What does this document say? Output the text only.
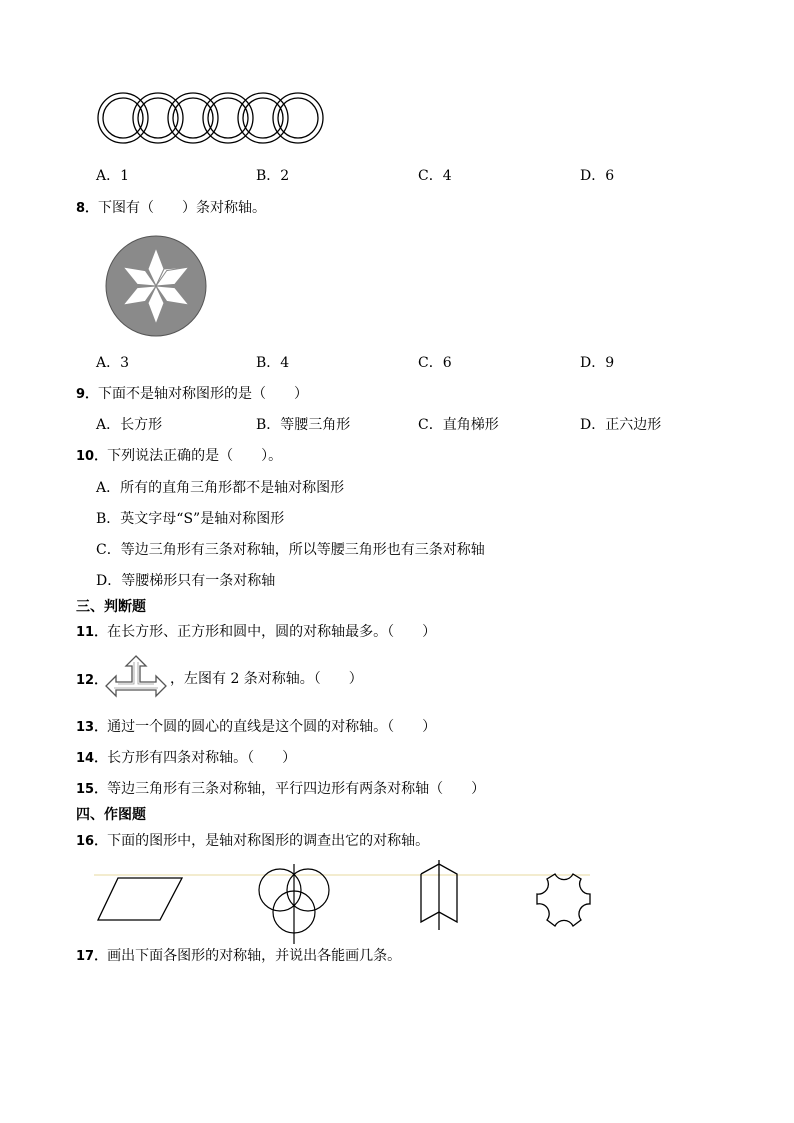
A．1	B．2	C．4	D．6
8．下图有（　　）条对称轴。
A．3	B．4	C．6	D．9
9．下面不是轴对称图形的是（　　）
A．长方形	B．等腰三角形	C．直角梯形	D．正六边形
10．下列说法正确的是（　　）。
A．所有的直角三角形都不是轴对称图形
B．英文字母“S”是轴对称图形
C．等边三角形有三条对称轴，所以等腰三角形也有三条对称轴
D．等腰梯形只有一条对称轴
三、判断题
11．在长方形、正方形和圆中，圆的对称轴最多。（　　）
12．	，左图有 2 条对称轴。（　　）
13．通过一个圆的圆心的直线是这个圆的对称轴。（　　）
14．长方形有四条对称轴。（　　）
15．等边三角形有三条对称轴，平行四边形有两条对称轴（　　）
四、作图题
16．下面的图形中，是轴对称图形的调查出它的对称轴。
17．画出下面各图形的对称轴，并说出各能画几条。
